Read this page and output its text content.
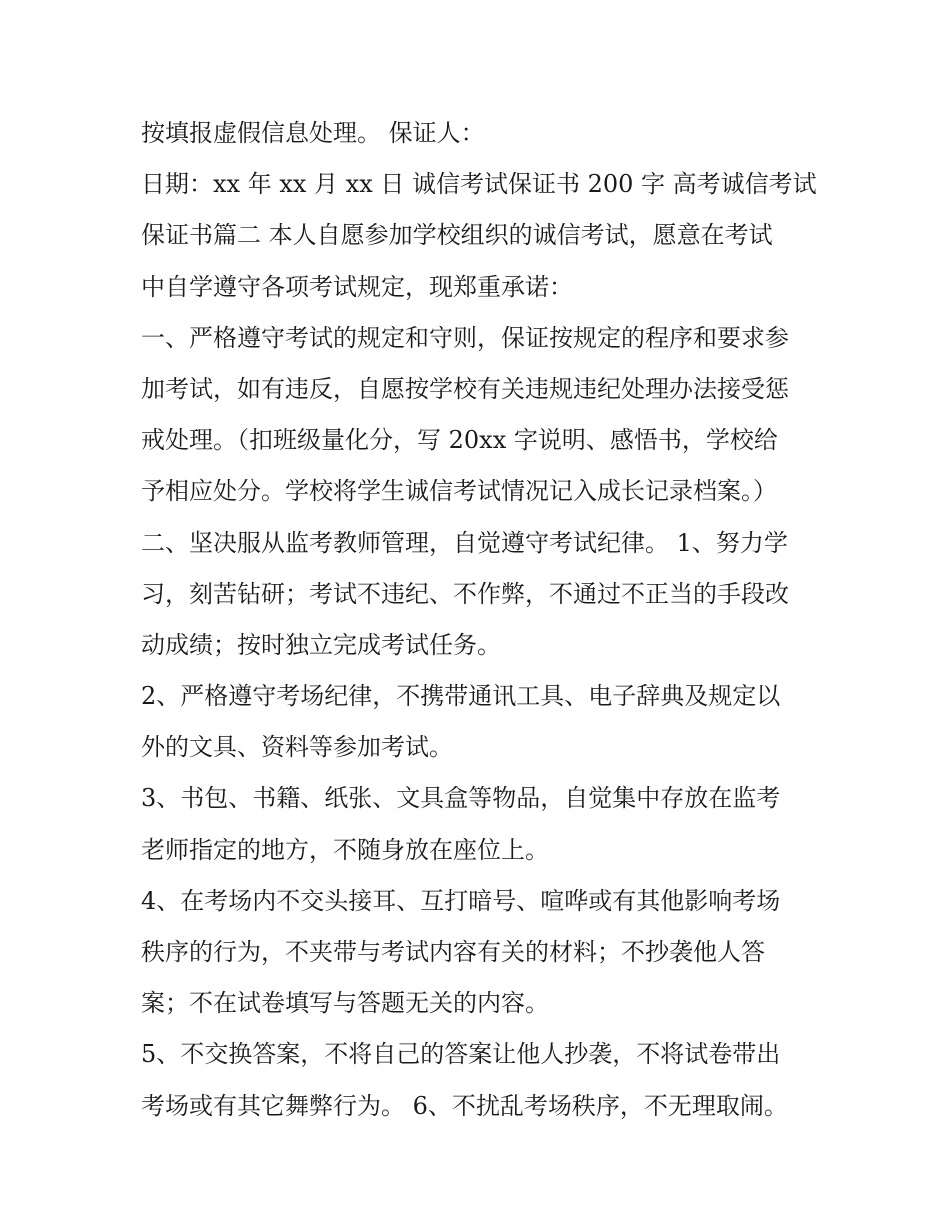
按填报虚假信息处理。 保证人：
日期：xx 年 xx 月 xx 日 诚信考试保证书 200 字 高考诚信考试
保证书篇二 本人自愿参加学校组织的诚信考试，愿意在考试
中自学遵守各项考试规定，现郑重承诺：
一、严格遵守考试的规定和守则，保证按规定的程序和要求参
加考试，如有违反，自愿按学校有关违规违纪处理办法接受惩
戒处理。（扣班级量化分，写 20xx 字说明、感悟书，学校给
予相应处分。学校将学生诚信考试情况记入成长记录档案。）
二、坚决服从监考教师管理，自觉遵守考试纪律。 1、努力学
习，刻苦钻研；考试不违纪、不作弊，不通过不正当的手段改
动成绩；按时独立完成考试任务。
2、严格遵守考场纪律，不携带通讯工具、电子辞典及规定以
外的文具、资料等参加考试。
3、书包、书籍、纸张、文具盒等物品，自觉集中存放在监考
老师指定的地方，不随身放在座位上。
4、在考场内不交头接耳、互打暗号、喧哗或有其他影响考场
秩序的行为，不夹带与考试内容有关的材料；不抄袭他人答
案；不在试卷填写与答题无关的内容。
5、不交换答案，不将自己的答案让他人抄袭，不将试卷带出
考场或有其它舞弊行为。 6、不扰乱考场秩序，不无理取闹。
